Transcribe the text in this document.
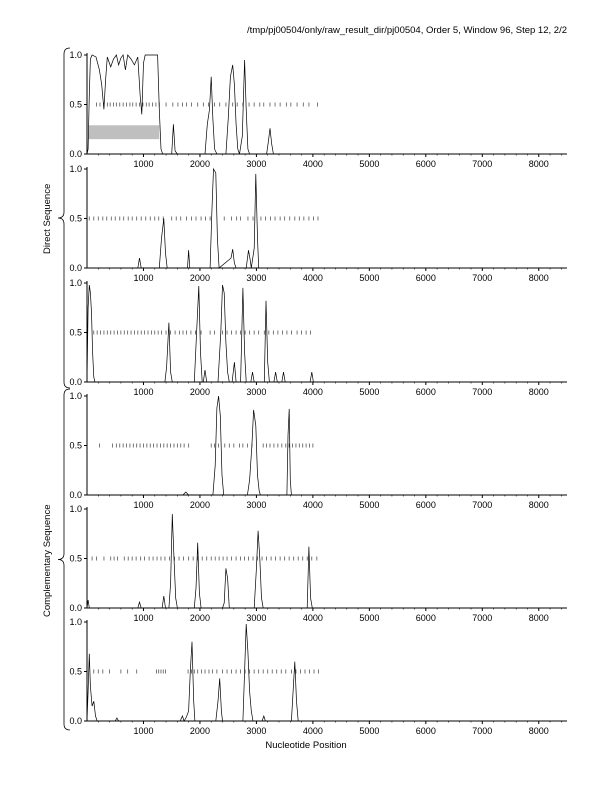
/tmp/pj00504/only/raw_result_dir/pj00504, Order 5, Window 96, Step 12, 2/2
0.0
0.5
1.0
1000	2000	3000	4000	5000	6000	7000	8000
0.0
0.5
1.0
1000	2000	3000	4000	5000	6000	7000	8000
0.0
0.5
1.0
1000	2000	3000	4000	5000	6000	7000	8000
0.0
0.5
1.0
1000	2000	3000	4000	5000	6000	7000	8000
0.0
0.5
1.0
1000	2000	3000	4000	5000	6000	7000	8000
0.0
0.5
1.0
1000	2000	3000	4000	5000	6000	7000	8000
Direct Sequence
Complementary Sequence
Nucleotide Position
